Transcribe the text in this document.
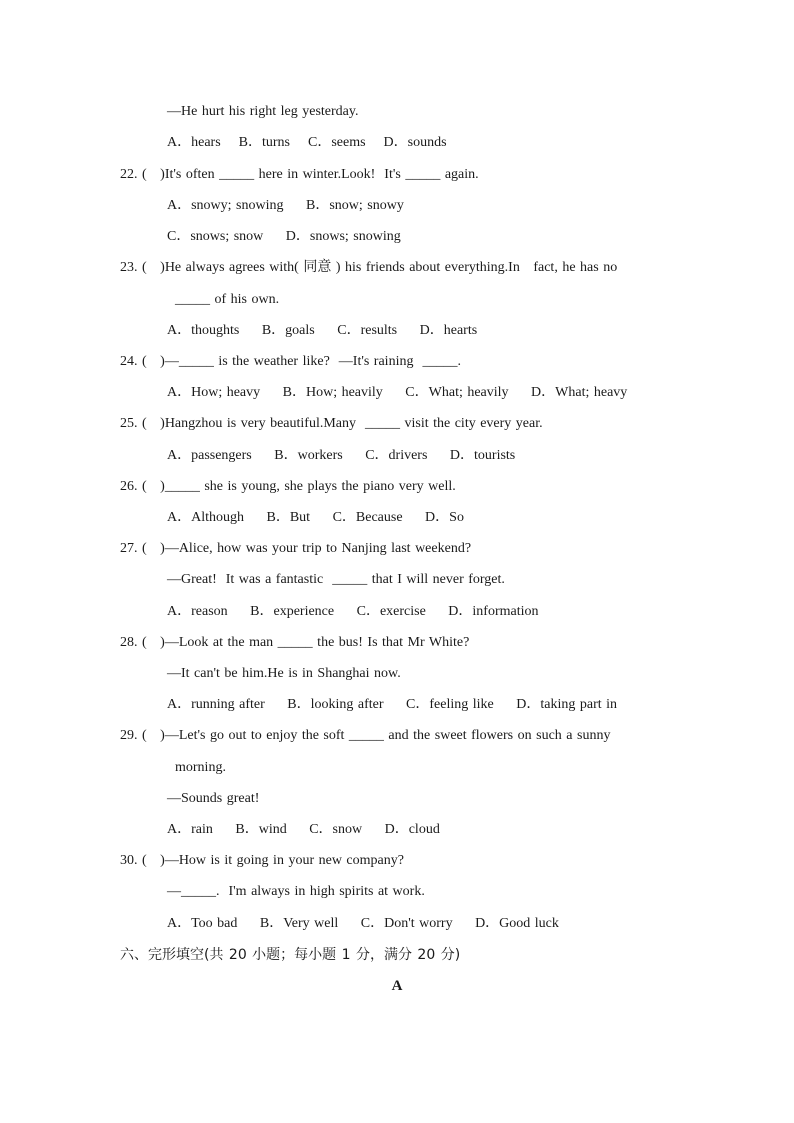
—He hurt his right leg yesterday.
A．hears    B．turns    C．seems    D．sounds
22. (   )It's often _____ here in winter.Look!  It's _____ again.
A．snowy; snowing     B．snow; snowy
C．snows; snow     D．snows; snowing
23. (   )He always agrees with( 同意 ) his friends about everything.In   fact, he has no
_____ of his own.
A．thoughts     B．goals     C．results     D．hearts
24. (   )—_____ is the weather like?  —It's raining  _____.
A．How; heavy     B．How; heavily     C．What; heavily     D．What; heavy
25. (   )Hangzhou is very beautiful.Many  _____ visit the city every year.
A．passengers     B．workers     C．drivers     D．tourists
26. (   )_____ she is young, she plays the piano very well.
A．Although     B．But     C．Because     D．So
27. (   )—Alice, how was your trip to Nanjing last weekend?
—Great!  It was a fantastic  _____ that I will never forget.
A．reason     B．experience     C．exercise     D．information
28. (   )—Look at the man _____ the bus! Is that Mr White?
—It can't be him.He is in Shanghai now.
A．running after     B．looking after     C．feeling like     D．taking part in
29. (   )—Let's go out to enjoy the soft _____ and the sweet flowers on such a sunny
morning.
—Sounds great!
A．rain     B．wind     C．snow     D．cloud
30. (   )—How is it going in your new company?
—_____.  I'm always in high spirits at work.
A．Too bad     B．Very well     C．Don't worry     D．Good luck
六、完形填空(共 20 小题；每小题 1 分，满分 20 分)
A
